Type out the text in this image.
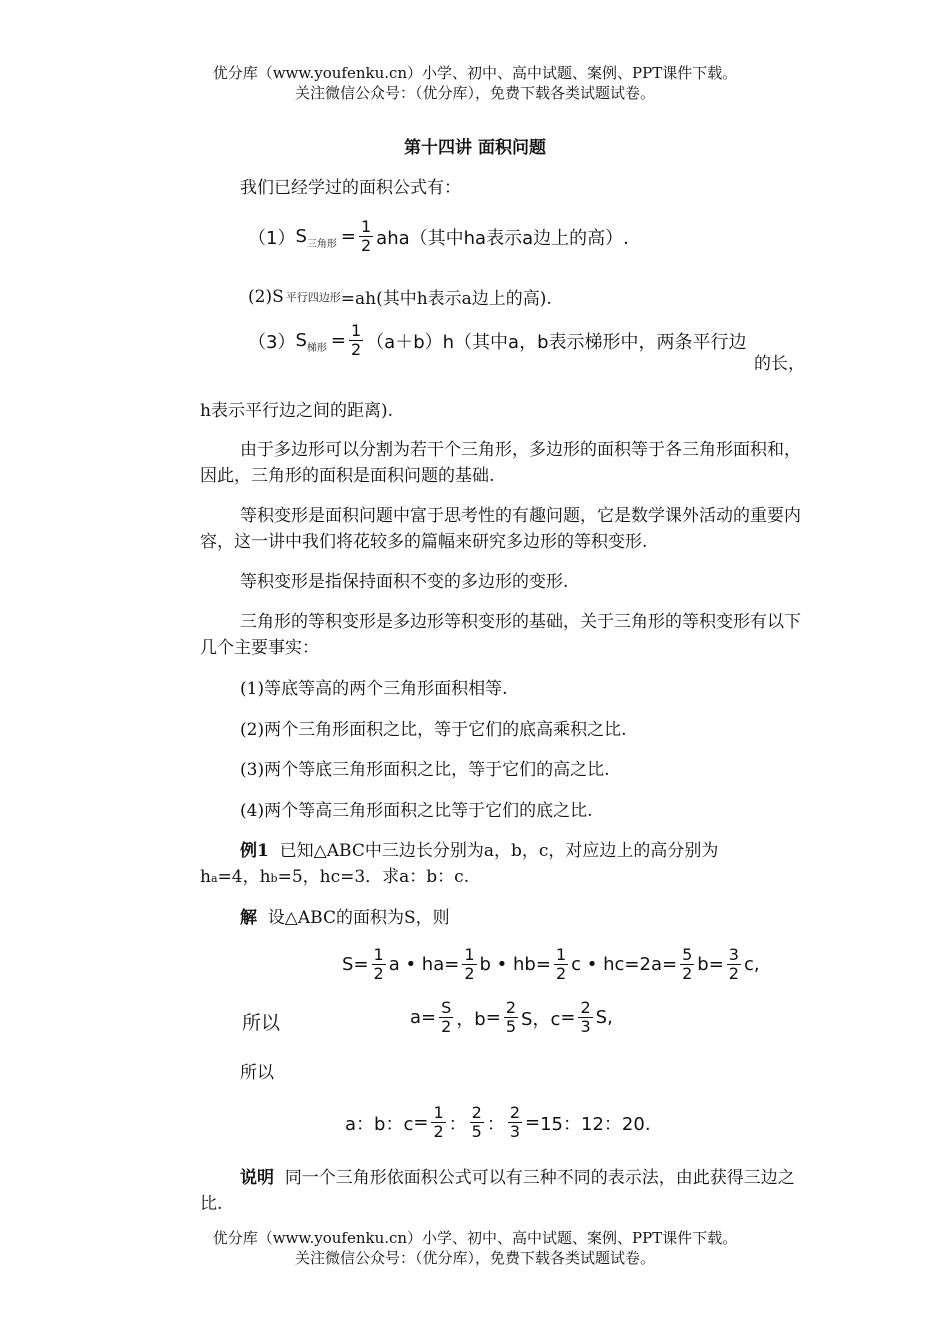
优分库（www.youfenku.cn）小学、初中、高中试题、案例、PPT课件下载。
关注微信公众号：（优分库），免费下载各类试题试卷。
第十四讲 面积问题
我们已经学过的面积公式有：
（1） S 三角形 = $\frac{1}{2} aha$（其中ha表示a边上的高）.
(2)S 平行四边形 =ah(其中h表示a边上的高).
（3） S 梯形 = $\frac{1}{2} (a+b)h$（其中a，b表示梯形中，两条平行边
的长，
h表示平行边之间的距离).
由于多边形可以分割为若干个三角形，多边形的面积等于各三角形面积和，因此，三角形的面积是面积问题的基础.
等积变形是面积问题中富于思考性的有趣问题，它是数学课外活动的重要内容，这一讲中我们将花较多的篇幅来研究多边形的等积变形.
等积变形是指保持面积不变的多边形的变形.
三角形的等积变形是多边形等积变形的基础，关于三角形的等积变形有以下几个主要事实：
(1)等底等高的两个三角形面积相等.
(2)两个三角形面积之比，等于它们的底高乘积之比.
(3)两个等底三角形面积之比，等于它们的高之比.
(4)两个等高三角形面积之比等于它们的底之比.
例1 已知△ABC中三边长分别为a，b，c，对应边上的高分别为
ha=4，hb=5，hc=3．求a：b：c.
解 设△ABC的面积为S，则
$S = \frac{1}{2}$ a • ha = $\frac{1}{2}$ b • hb = $\frac{1}{2}$ c • hc = $2a = \frac{5}{2}$ $b = \frac{3}{2} c$,
所以	$a = \frac{S}{2}$ ，$b = \frac{2}{5}$ S，$c = \frac{2}{3} S$,
所以
a：b：$c = \frac{1}{2}$ ： $\frac{2}{5}$ ： $\frac{2}{3} = 15$：12：20.
说明 同一个三角形依面积公式可以有三种不同的表示法，由此获得三边之比.
优分库（www.youfenku.cn）小学、初中、高中试题、案例、PPT课件下载。
关注微信公众号：（优分库），免费下载各类试题试卷。
